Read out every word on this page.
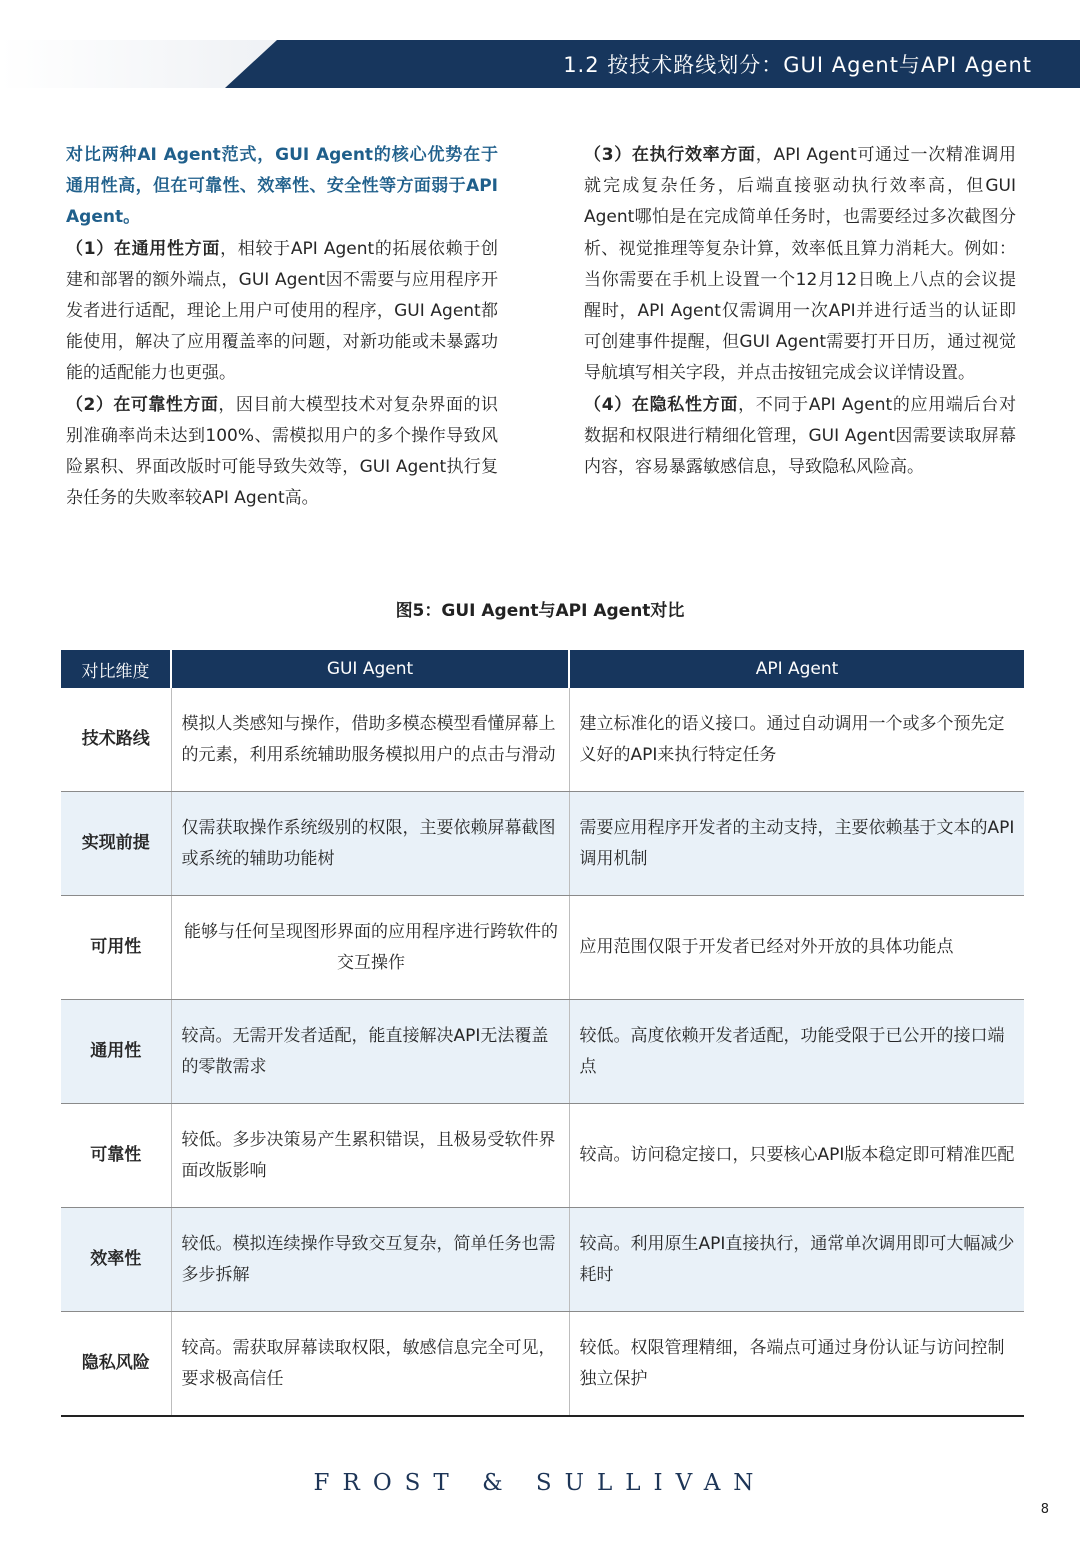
1.2 按技术路线划分：GUI Agent与API Agent

对比两种AI Agent范式，GUI Agent的核心优势在于通用性高，但在可靠性、效率性、安全性等方面弱于API Agent。

（1）在通用性方面，相较于API Agent的拓展依赖于创建和部署的额外端点，GUI Agent因不需要与应用程序开发者进行适配，理论上用户可使用的程序，GUI Agent都能使用，解决了应用覆盖率的问题，对新功能或未暴露功能的适配能力也更强。

（2）在可靠性方面，因目前大模型技术对复杂界面的识别准确率尚未达到100%、需模拟用户的多个操作导致风险累积、界面改版时可能导致失效等，GUI Agent执行复杂任务的失败率较API Agent高。

（3）在执行效率方面，API Agent可通过一次精准调用就完成复杂任务，后端直接驱动执行效率高，但GUI Agent哪怕是在完成简单任务时，也需要经过多次截图分析、视觉推理等复杂计算，效率低且算力消耗大。例如：当你需要在手机上设置一个12月12日晚上八点的会议提醒时，API Agent仅需调用一次API并进行适当的认证即可创建事件提醒，但GUI Agent需要打开日历，通过视觉导航填写相关字段，并点击按钮完成会议详情设置。

（4）在隐私性方面，不同于API Agent的应用端后台对数据和权限进行精细化管理，GUI Agent因需要读取屏幕内容，容易暴露敏感信息，导致隐私风险高。

图5：GUI Agent与API Agent对比
对比维度	GUI Agent	API Agent
技术路线	模拟人类感知与操作，借助多模态模型看懂屏幕上的元素，利用系统辅助服务模拟用户的点击与滑动	建立标准化的语义接口。通过自动调用一个或多个预先定义好的API来执行特定任务
实现前提	仅需获取操作系统级别的权限，主要依赖屏幕截图或系统的辅助功能树	需要应用程序开发者的主动支持，主要依赖基于文本的API调用机制
可用性	能够与任何呈现图形界面的应用程序进行跨软件的交互操作	应用范围仅限于开发者已经对外开放的具体功能点
通用性	较高。无需开发者适配，能直接解决API无法覆盖的零散需求	较低。高度依赖开发者适配，功能受限于已公开的接口端点
可靠性	较低。多步决策易产生累积错误，且极易受软件界面改版影响	较高。访问稳定接口，只要核心API版本稳定即可精准匹配
效率性	较低。模拟连续操作导致交互复杂，简单任务也需多步拆解	较高。利用原生API直接执行，通常单次调用即可大幅减少耗时
隐私风险	较高。需获取屏幕读取权限，敏感信息完全可见，要求极高信任	较低。权限管理精细，各端点可通过身份认证与访问控制独立保护
FROST & SULLIVAN
8
